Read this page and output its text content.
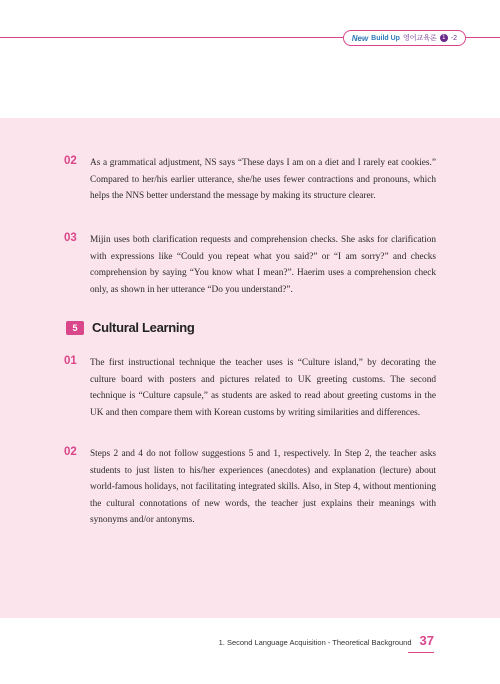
New Build Up 영어교육론 1 -2
02 As a grammatical adjustment, NS says “These days I am on a diet and I rarely eat cookies.” Compared to her/his earlier utterance, she/he uses fewer contractions and pronouns, which helps the NNS better understand the message by making its structure clearer.
03 Mijin uses both clarification requests and comprehension checks. She asks for clarification with expressions like “Could you repeat what you said?” or “I am sorry?” and checks comprehension by saying “You know what I mean?”. Haerim uses a comprehension check only, as shown in her utterance “Do you understand?”.
5	Cultural Learning
01 The first instructional technique the teacher uses is “Culture island,” by decorating the culture board with posters and pictures related to UK greeting customs. The second technique is “Culture capsule,” as students are asked to read about greeting customs in the UK and then compare them with Korean customs by writing similarities and differences.
02 Steps 2 and 4 do not follow suggestions 5 and 1, respectively. In Step 2, the teacher asks students to just listen to his/her experiences (anecdotes) and explanation (lecture) about world-famous holidays, not facilitating integrated skills. Also, in Step 4, without mentioning the cultural connotations of new words, the teacher just explains their meanings with synonyms and/or antonyms.
1. Second Language Acquisition - Theoretical Background 37
